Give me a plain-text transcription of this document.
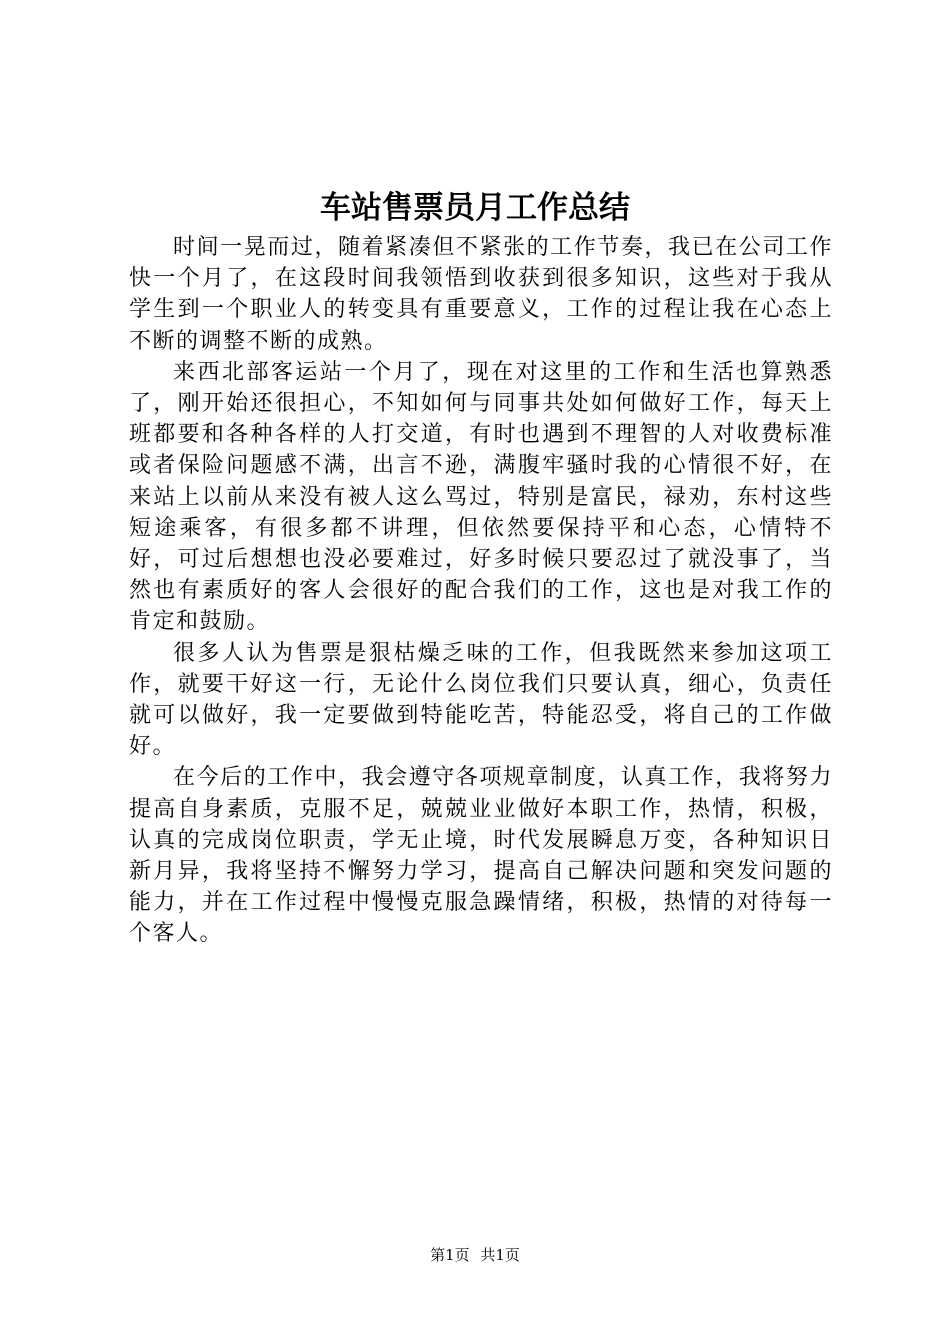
车站售票员月工作总结

时间一晃而过，随着紧凑但不紧张的工作节奏，我已在公司工作快一个月了，在这段时间我领悟到收获到很多知识，这些对于我从学生到一个职业人的转变具有重要意义，工作的过程让我在心态上不断的调整不断的成熟。

来西北部客运站一个月了，现在对这里的工作和生活也算熟悉了，刚开始还很担心，不知如何与同事共处如何做好工作，每天上班都要和各种各样的人打交道，有时也遇到不理智的人对收费标准或者保险问题感不满，出言不逊，满腹牢骚时我的心情很不好，在来站上以前从来没有被人这么骂过，特别是富民，禄劝，东村这些短途乘客，有很多都不讲理，但依然要保持平和心态，心情特不好，可过后想想也没必要难过，好多时候只要忍过了就没事了，当然也有素质好的客人会很好的配合我们的工作，这也是对我工作的肯定和鼓励。

很多人认为售票是狠枯燥乏味的工作，但我既然来参加这项工作，就要干好这一行，无论什么岗位我们只要认真，细心，负责任就可以做好，我一定要做到特能吃苦，特能忍受，将自己的工作做好。

在今后的工作中，我会遵守各项规章制度，认真工作，我将努力提高自身素质，克服不足，兢兢业业做好本职工作，热情，积极，认真的完成岗位职责，学无止境，时代发展瞬息万变，各种知识日新月异，我将坚持不懈努力学习，提高自己解决问题和突发问题的能力，并在工作过程中慢慢克服急躁情绪，积极，热情的对待每一个客人。

第1页 共1页
